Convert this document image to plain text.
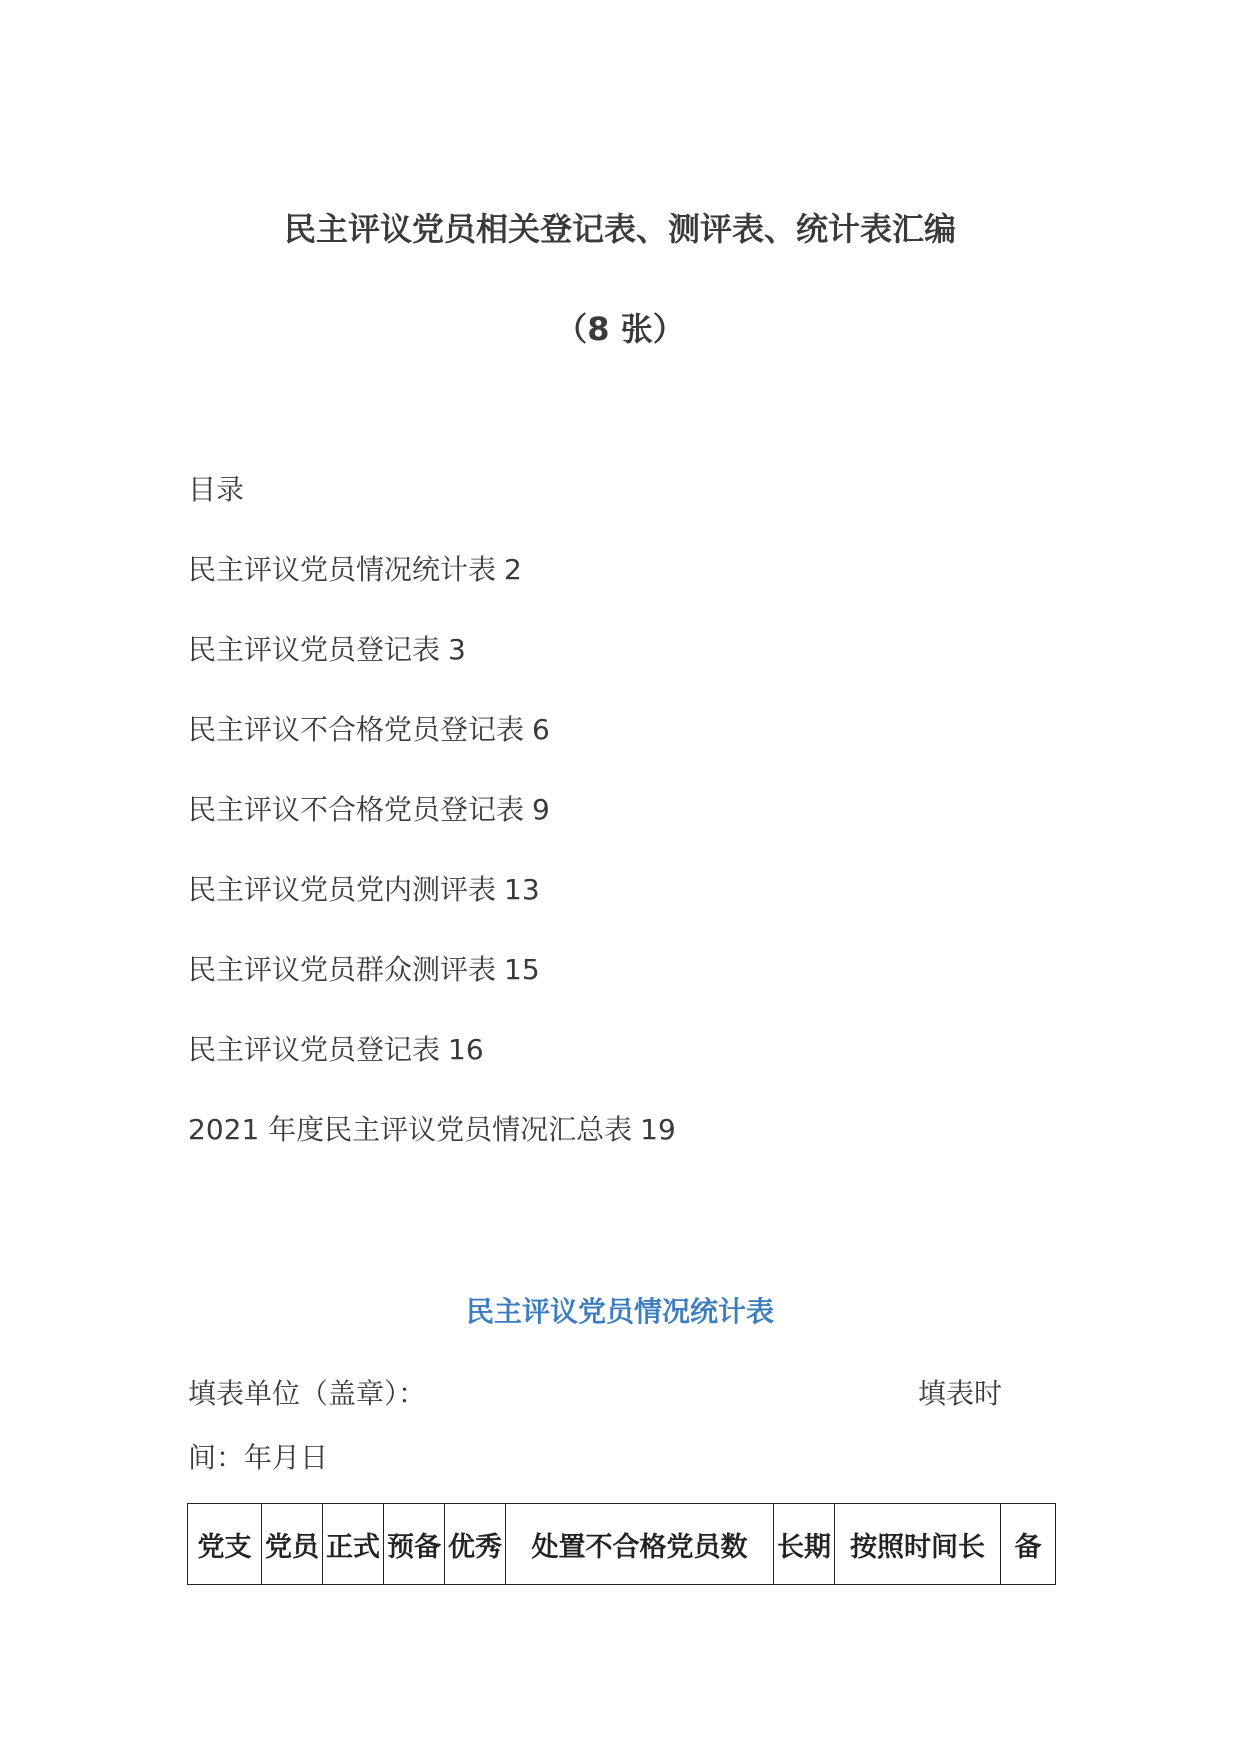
民主评议党员相关登记表、测评表、统计表汇编
（8 张）
目录
民主评议党员情况统计表 2
民主评议党员登记表 3
民主评议不合格党员登记表 6
民主评议不合格党员登记表 9
民主评议党员党内测评表 13
民主评议党员群众测评表 15
民主评议党员登记表 16
2021 年度民主评议党员情况汇总表 19
民主评议党员情况统计表
填表单位（盖章）：	填表时
间：年月日
党支	党员	正式	预备	优秀	处置不合格党员数	长期	按照时间长	备
